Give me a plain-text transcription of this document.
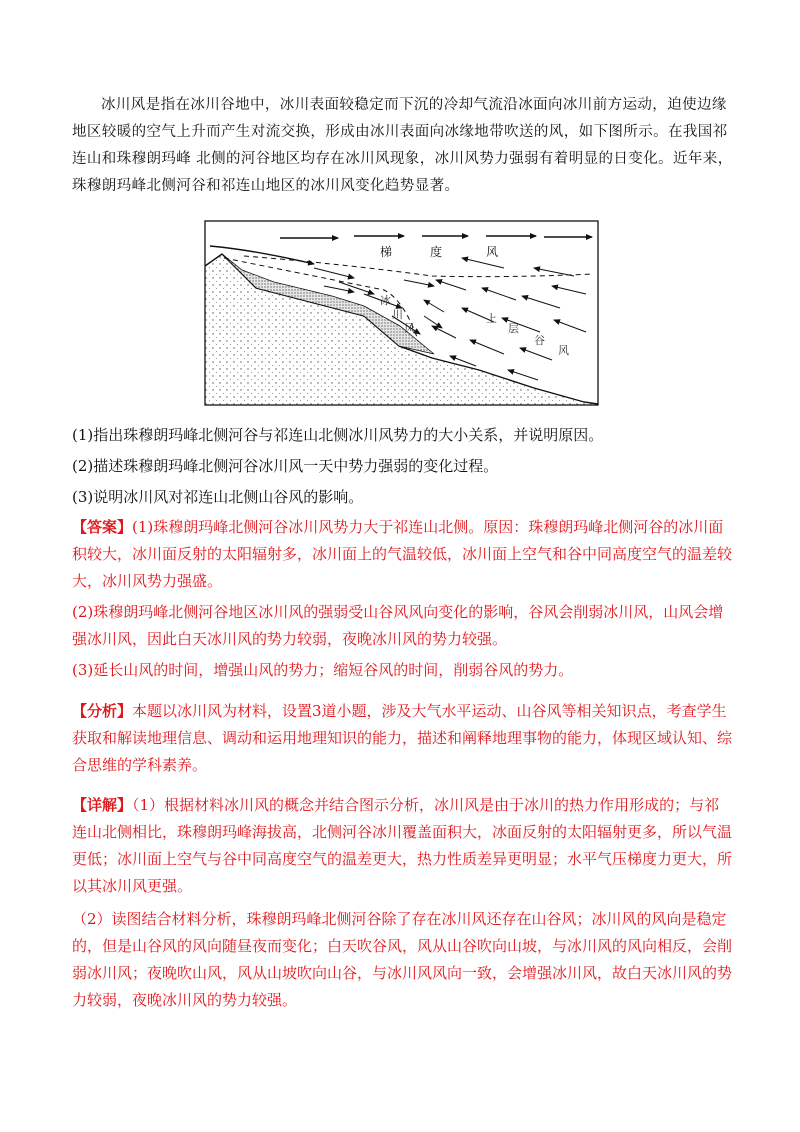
冰川风是指在冰川谷地中，冰川表面较稳定而下沉的冷却气流沿冰面向冰川前方运动，迫使边缘地区较暖的空气上升而产生对流交换，形成由冰川表面向冰缘地带吹送的风，如下图所示。在我国祁连山和珠穆朗玛峰 北侧的河谷地区均存在冰川风现象，冰川风势力强弱有着明显的日变化。近年来，珠穆朗玛峰北侧河谷和祁连山地区的冰川风变化趋势显著。

梯	度	风
冰
川
风
上
层
谷
风

(1)指出珠穆朗玛峰北侧河谷与祁连山北侧冰川风势力的大小关系，并说明原因。

(2)描述珠穆朗玛峰北侧河谷冰川风一天中势力强弱的变化过程。

(3)说明冰川风对祁连山北侧山谷风的影响。

【答案】(1)珠穆朗玛峰北侧河谷冰川风势力大于祁连山北侧。原因：珠穆朗玛峰北侧河谷的冰川面积较大，冰川面反射的太阳辐射多，冰川面上的气温较低，冰川面上空气和谷中同高度空气的温差较大，冰川风势力强盛。

(2)珠穆朗玛峰北侧河谷地区冰川风的强弱受山谷风风向变化的影响，谷风会削弱冰川风，山风会增强冰川风，因此白天冰川风的势力较弱，夜晚冰川风的势力较强。

(3)延长山风的时间，增强山风的势力；缩短谷风的时间，削弱谷风的势力。

【分析】本题以冰川风为材料，设置3道小题，涉及大气水平运动、山谷风等相关知识点，考查学生获取和解读地理信息、调动和运用地理知识的能力，描述和阐释地理事物的能力，体现区域认知、综合思维的学科素养。

【详解】（1）根据材料冰川风的概念并结合图示分析，冰川风是由于冰川的热力作用形成的；与祁连山北侧相比，珠穆朗玛峰海拔高，北侧河谷冰川覆盖面积大，冰面反射的太阳辐射更多，所以气温更低；冰川面上空气与谷中同高度空气的温差更大，热力性质差异更明显；水平气压梯度力更大，所以其冰川风更强。

（2）读图结合材料分析，珠穆朗玛峰北侧河谷除了存在冰川风还存在山谷风；冰川风的风向是稳定的，但是山谷风的风向随昼夜而变化；白天吹谷风，风从山谷吹向山坡，与冰川风的风向相反，会削弱冰川风；夜晚吹山风，风从山坡吹向山谷，与冰川风风向一致，会增强冰川风，故白天冰川风的势力较弱，夜晚冰川风的势力较强。
